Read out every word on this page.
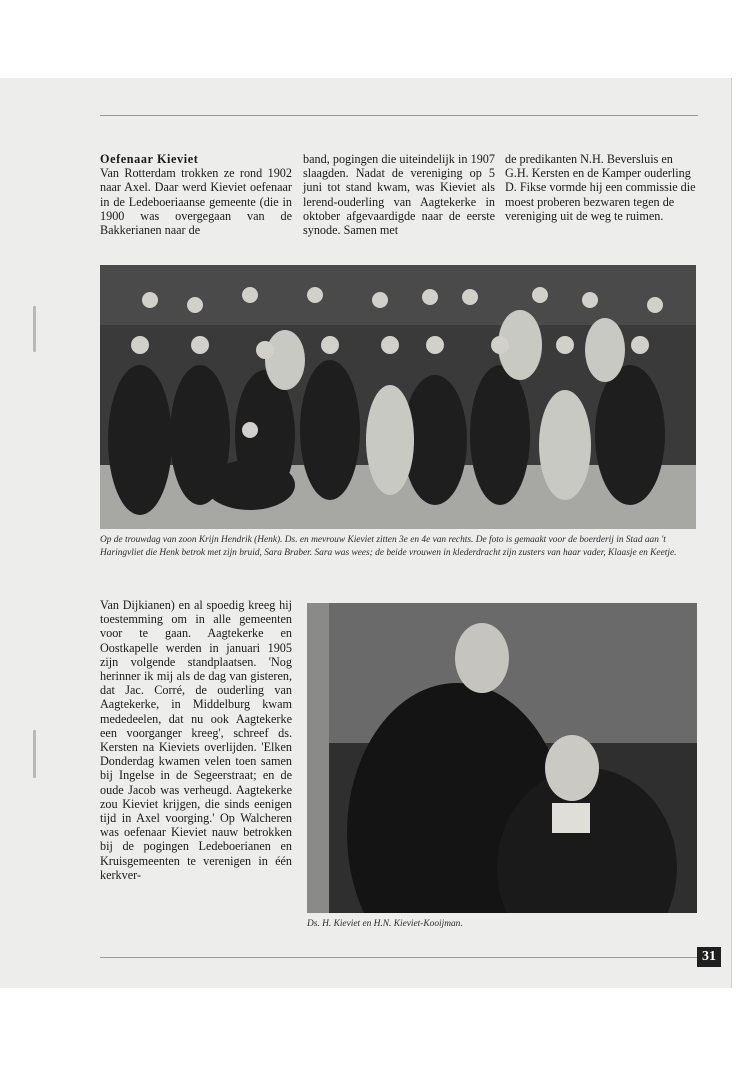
Oefenaar Kieviet

Van Rotterdam trokken ze rond 1902 naar Axel. Daar werd Kieviet oefenaar in de Ledeboeriaanse gemeente (die in 1900 was overgegaan van de Bakkerianen naar de

band, pogingen die uiteindelijk in 1907 slaagden. Nadat de vereniging op 5 juni tot stand kwam, was Kieviet als lerend-ouderling van Aagtekerke in oktober afgevaardigde naar de eerste synode. Samen met

de predikanten N.H. Beversluis en G.H. Kersten en de Kamper ouderling D. Fikse vormde hij een commissie die moest proberen bezwaren tegen de vereniging uit de weg te ruimen.

Op de trouwdag van zoon Krijn Hendrik (Henk). Ds. en mevrouw Kieviet zitten 3e en 4e van rechts. De foto is gemaakt voor de boerderij in Stad aan 't Haringvliet die Henk betrok met zijn bruid, Sara Braber. Sara was wees; de beide vrouwen in klederdracht zijn zusters van haar vader, Klaasje en Keetje.

Van Dijkianen) en al spoedig kreeg hij toestemming om in alle gemeenten voor te gaan. Aagtekerke en Oostkapelle werden in januari 1905 zijn volgende standplaatsen. 'Nog herinner ik mij als de dag van gisteren, dat Jac. Corré, de ouderling van Aagtekerke, in Middelburg kwam mededeelen, dat nu ook Aagtekerke een voorganger kreeg', schreef ds. Kersten na Kieviets overlijden. 'Elken Donderdag kwamen velen toen samen bij Ingelse in de Segeerstraat; en de oude Jacob was verheugd. Aagtekerke zou Kieviet krijgen, die sinds eenigen tijd in Axel voorging.' Op Walcheren was oefenaar Kieviet nauw betrokken bij de pogingen Ledeboerianen en Kruisgemeenten te verenigen in één kerkver-

Ds. H. Kieviet en H.N. Kieviet-Kooijman.
31
